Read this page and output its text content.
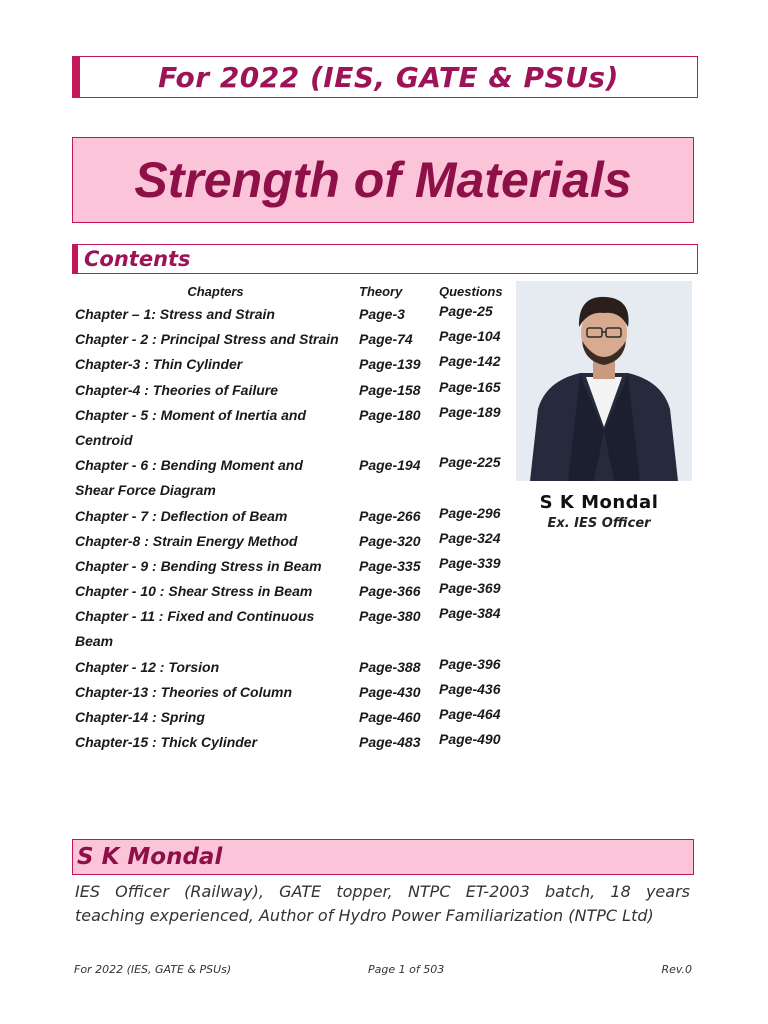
For 2022 (IES, GATE & PSUs)
Strength of Materials
Contents
Chapters	Theory	Questions
Chapter – 1: Stress and Strain	Page-3	Page-25
Chapter - 2 : Principal Stress and Strain	Page-74	Page-104
Chapter-3 : Thin Cylinder	Page-139	Page-142
Chapter-4 : Theories of Failure	Page-158	Page-165
Chapter - 5 : Moment of Inertia and	Page-180	Page-189
Centroid		
Chapter - 6 : Bending Moment and	Page-194	Page-225
Shear Force Diagram		
Chapter - 7 : Deflection of Beam	Page-266	Page-296
Chapter-8 : Strain Energy Method	Page-320	Page-324
Chapter - 9 : Bending Stress in Beam	Page-335	Page-339
Chapter - 10 : Shear Stress in Beam	Page-366	Page-369
Chapter - 11 : Fixed and Continuous	Page-380	Page-384
Beam		
Chapter - 12 : Torsion	Page-388	Page-396
Chapter-13 : Theories of Column	Page-430	Page-436
Chapter-14 : Spring	Page-460	Page-464
Chapter-15 : Thick Cylinder	Page-483	Page-490
S K Mondal
Ex. IES Officer
S K Mondal
IES Officer (Railway), GATE topper, NTPC ET-2003 batch, 18 years
teaching experienced, Author of Hydro Power Familiarization (NTPC Ltd)
For 2022 (IES, GATE & PSUs)	Page 1 of 503	Rev.0
